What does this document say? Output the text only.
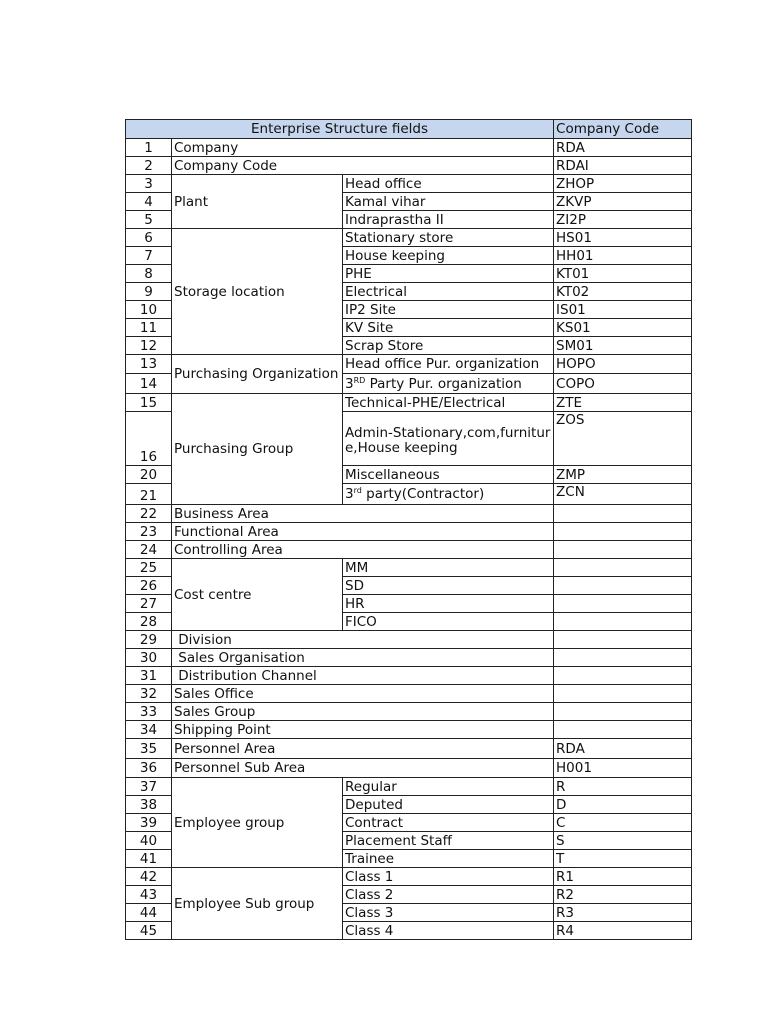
Enterprise Structure fields			Company Code
1	Company		RDA
2	Company Code		RDAI
3	Plant	Head office	ZHOP
4		Kamal vihar	ZKVP
5		Indraprastha II	ZI2P
6	Storage location	Stationary store	HS01
7		House keeping	HH01
8		PHE	KT01
9		Electrical	KT02
10		IP2 Site	IS01
11		KV Site	KS01
12		Scrap Store	SM01
13	Purchasing Organization	Head office Pur. organization	HOPO
14		3RD Party Pur. organization	COPO
15	Purchasing Group	Technical-PHE/Electrical	ZTE
16		Admin-Stationary,com,furniture,House keeping	ZOS
20		Miscellaneous	ZMP
21		3rd party(Contractor)	ZCN
22	Business Area		
23	Functional Area		
24	Controlling Area		
25	Cost centre	MM	
26		SD	
27		HR	
28		FICO	
29	Division		
30	Sales Organisation		
31	Distribution Channel		
32	Sales Office		
33	Sales Group		
34	Shipping Point		
35	Personnel Area		RDA
36	Personnel Sub Area		H001
37	Employee group	Regular	R
38		Deputed	D
39		Contract	C
40		Placement Staff	S
41		Trainee	T
42	Employee Sub group	Class 1	R1
43		Class 2	R2
44		Class 3	R3
45		Class 4	R4
